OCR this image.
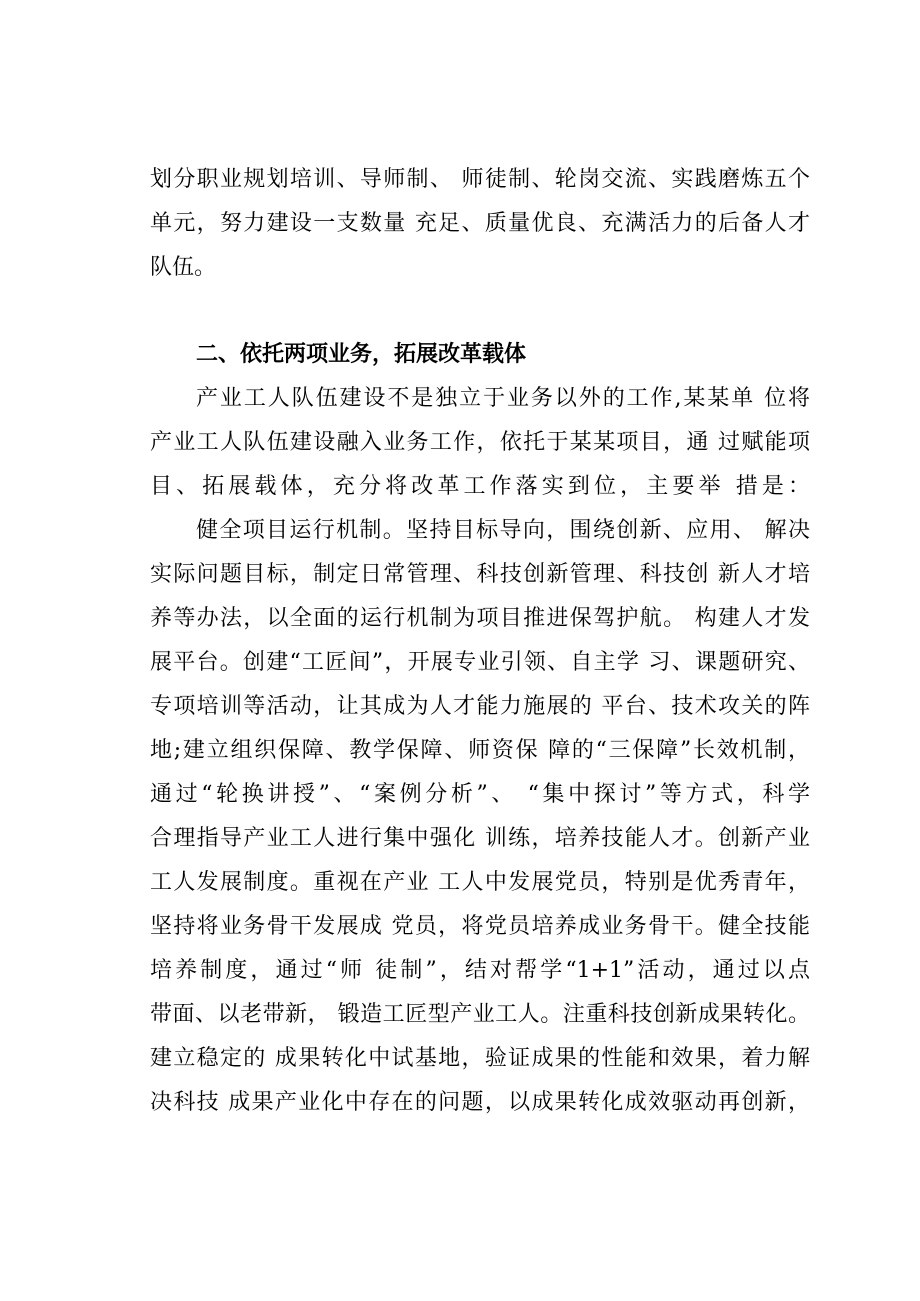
划分职业规划培训、导师制、 师徒制、轮岗交流、实践磨炼五个

单元，努力建设一支数量 充足、质量优良、充满活力的后备人才

队伍。

二、依托两项业务，拓展改革载体

产业工人队伍建设不是独立于业务以外的工作,某某单 位将

产业工人队伍建设融入业务工作，依托于某某项目，通 过赋能项

目、拓展载体，充分将改革工作落实到位，主要举 措是：

健全项目运行机制。坚持目标导向，围绕创新、应用、 解决

实际问题目标，制定日常管理、科技创新管理、科技创 新人才培

养等办法，以全面的运行机制为项目推进保驾护航。 构建人才发

展平台。创建“工匠间”，开展专业引领、自主学 习、课题研究、

专项培训等活动，让其成为人才能力施展的 平台、技术攻关的阵

地;建立组织保障、教学保障、师资保 障的“三保障”长效机制，

通过“轮换讲授”、“案例分析”、 “集中探讨”等方式，科学

合理指导产业工人进行集中强化 训练，培养技能人才。创新产业

工人发展制度。重视在产业 工人中发展党员，特别是优秀青年，

坚持将业务骨干发展成 党员，将党员培养成业务骨干。健全技能

培养制度，通过“师 徒制”，结对帮学“1+1”活动，通过以点

带面、以老带新， 锻造工匠型产业工人。注重科技创新成果转化。

建立稳定的 成果转化中试基地，验证成果的性能和效果，着力解

决科技 成果产业化中存在的问题，以成果转化成效驱动再创新，
